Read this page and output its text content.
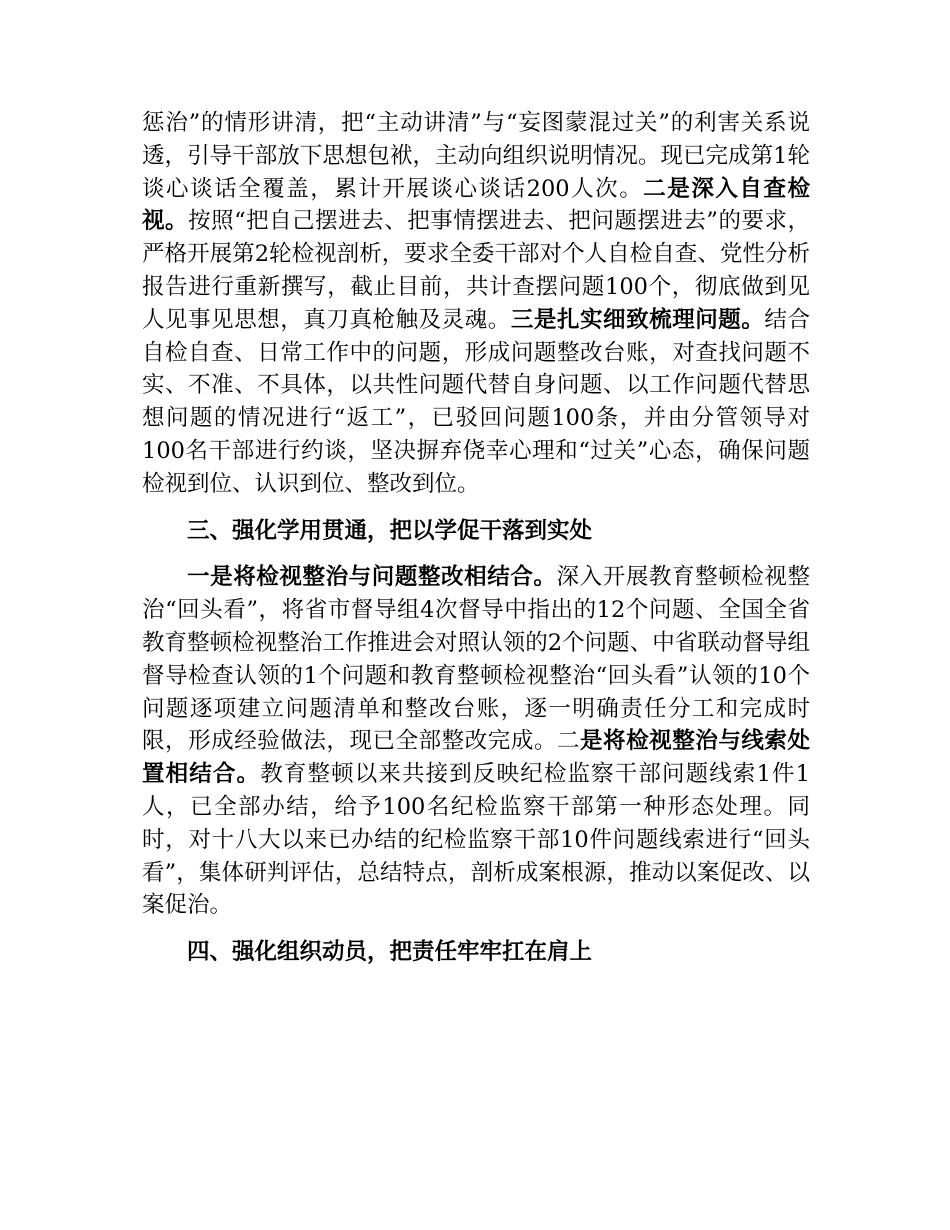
惩治”的情形讲清，把“主动讲清”与“妄图蒙混过关”的利害关系说透，引导干部放下思想包袱，主动向组织说明情况。现已完成第1轮谈心谈话全覆盖，累计开展谈心谈话200人次。二是深入自查检视。按照“把自己摆进去、把事情摆进去、把问题摆进去”的要求，严格开展第2轮检视剖析，要求全委干部对个人自检自查、党性分析报告进行重新撰写，截止目前，共计查摆问题100个，彻底做到见人见事见思想，真刀真枪触及灵魂。三是扎实细致梳理问题。结合自检自查、日常工作中的问题，形成问题整改台账，对查找问题不实、不准、不具体，以共性问题代替自身问题、以工作问题代替思想问题的情况进行“返工”，已驳回问题100条，并由分管领导对100名干部进行约谈，坚决摒弃侥幸心理和“过关”心态，确保问题检视到位、认识到位、整改到位。

三、强化学用贯通，把以学促干落到实处

一是将检视整治与问题整改相结合。深入开展教育整顿检视整治“回头看”，将省市督导组4次督导中指出的12个问题、全国全省教育整顿检视整治工作推进会对照认领的2个问题、中省联动督导组督导检查认领的1个问题和教育整顿检视整治“回头看”认领的10个问题逐项建立问题清单和整改台账，逐一明确责任分工和完成时限，形成经验做法，现已全部整改完成。二是将检视整治与线索处置相结合。教育整顿以来共接到反映纪检监察干部问题线索1件1人，已全部办结，给予100名纪检监察干部第一种形态处理。同时，对十八大以来已办结的纪检监察干部10件问题线索进行“回头看”，集体研判评估，总结特点，剖析成案根源，推动以案促改、以案促治。

四、强化组织动员，把责任牢牢扛在肩上
